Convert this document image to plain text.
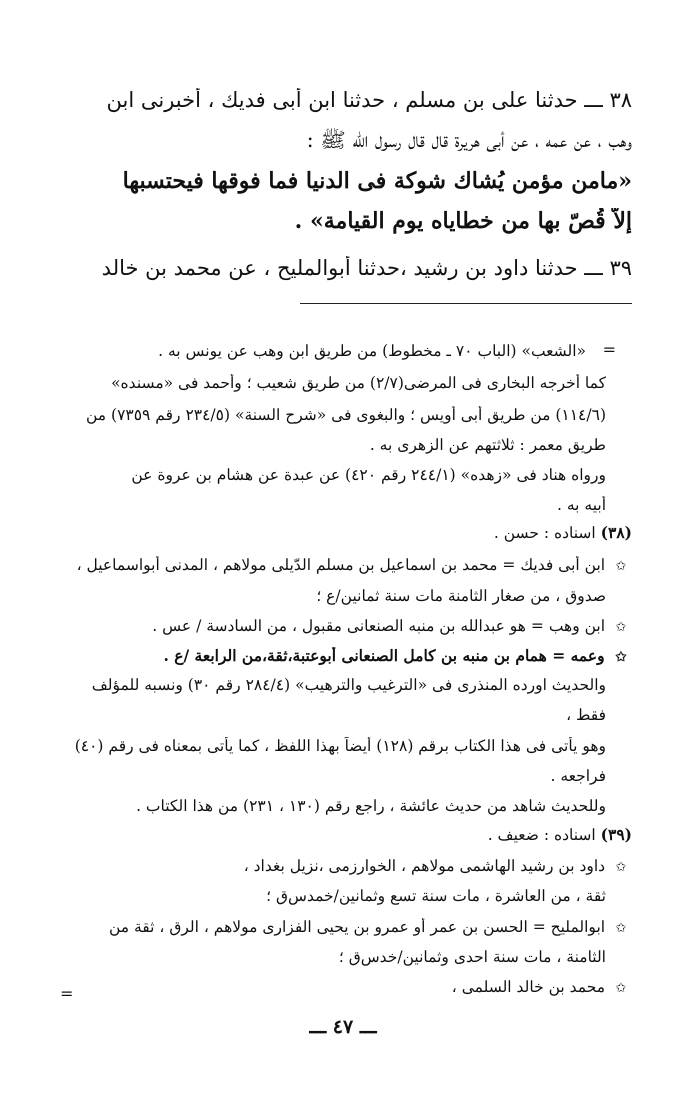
٣٨ ـــ حدثنا على بن مسلم ، حدثنا ابن أبى فديك ، أخبرنى ابن
وهب ، عن عمه ، عن أبى هريرة قال قال رسول الله ﷺ :
«مامن مؤمن يُشاك شوكة فى الدنيا فما فوقها فيحتسبها
إلاّ قُصّ بها من خطاياه يوم القيامة» .
٣٩ ـــ حدثنا داود بن رشيد ،حدثنا أبوالمليح ، عن محمد بن خالد
=
«الشعب» (الباب ٧٠ ـ مخطوط) من طريق ابن وهب عن يونس به .
كما أخرجه البخارى فى المرضى(٢/٧) من طريق شعيب ؛ وأحمد فى «مسنده»
(١١٤/٦) من طريق أبى أويس ؛ والبغوى فى «شرح السنة» (٢٣٤/٥ رقم ٧٣٥٩) من
طريق معمر : ثلاثتهم عن الزهرى به .
ورواه هناد فى «زهده» (٢٤٤/١ رقم ٤٢٠) عن عبدة عن هشام بن عروة عن
أبيه به .
(٣٨) اسناده : حسن .
✩ ابن أبى فديك = محمد بن اسماعيل بن مسلم الدّيلى مولاهم ، المدنى أبواسماعيل ،
صدوق ، من صغار الثامنة مات سنة ثمانين/ع ؛
✩ ابن وهب = هو عبدالله بن منبه الصنعانى مقبول ، من السادسة / عس .
✩ وعمه = همام بن منبه بن كامل الصنعانى أبوعتبة،ثقة،من الرابعة /ع .
والحديث اورده المنذرى فى «الترغيب والترهيب» (٢٨٤/٤ رقم ٣٠) ونسبه للمؤلف
فقط ،
وهو يأتى فى هذا الكتاب برقم (١٢٨) أيضاً بهذا اللفظ ، كما يأتى بمعناه فى رقم (٤٠)
فراجعه .
وللحديث شاهد من حديث عائشة ، راجع رقم (١٣٠ ، ٢٣١) من هذا الكتاب .
(٣٩) اسناده : ضعيف .
✩ داود بن رشيد الهاشمى مولاهم ، الخوارزمى ،نزيل بغداد ،
ثقة ، من العاشرة ، مات سنة تسع وثمانين/خمدس‌ق ؛
✩ ابوالمليح = الحسن بن عمر أو عمرو بن يحيى الفزارى مولاهم ، الرق ، ثقة من
الثامنة ، مات سنة احدى وثمانين/خدس‌ق ؛
✩ محمد بن خالد السلمى ،
=
ـــ ٤٧ ـــ
